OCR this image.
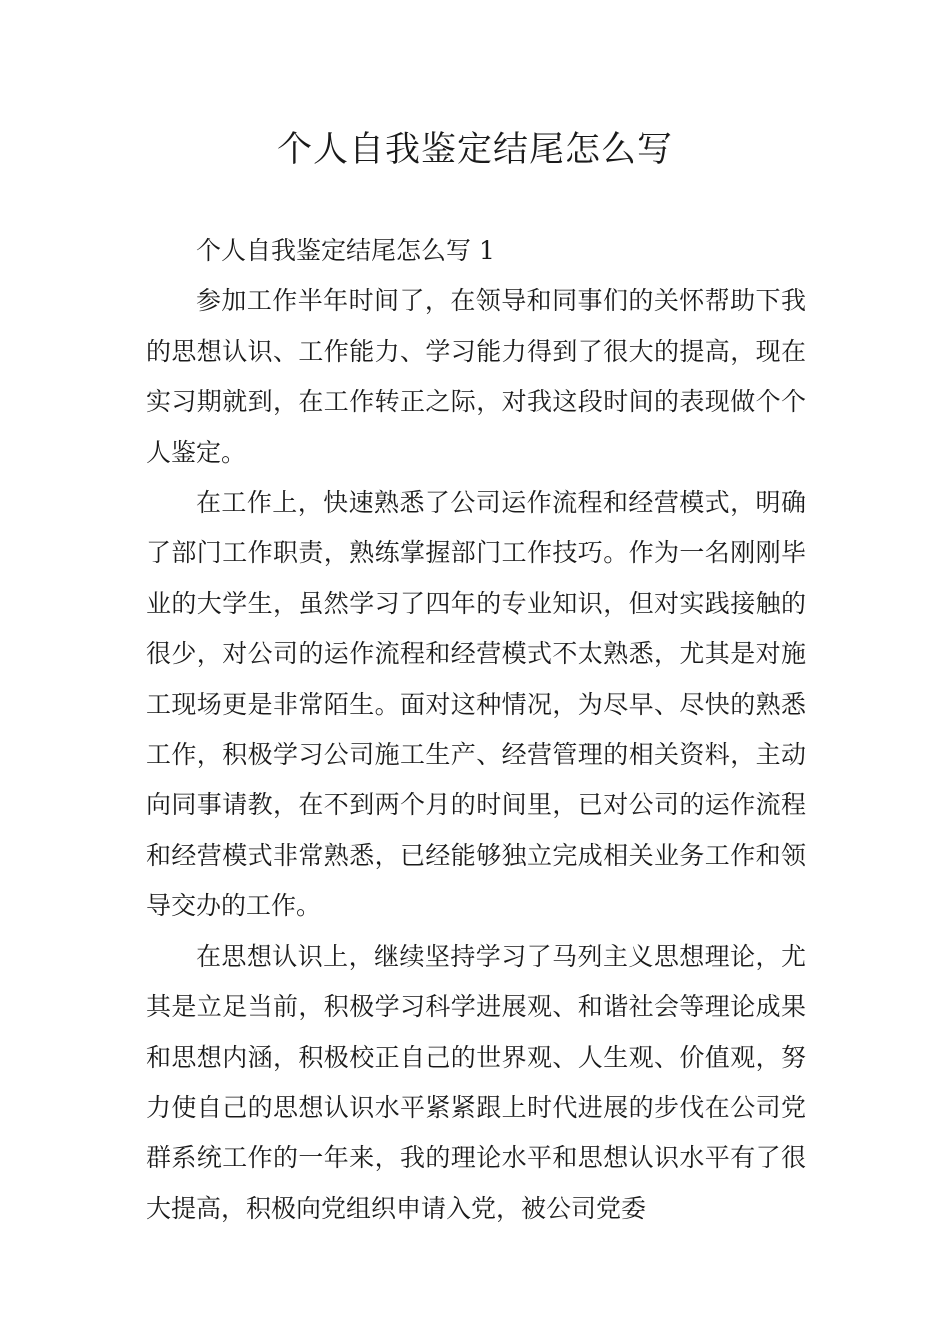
个人自我鉴定结尾怎么写

个人自我鉴定结尾怎么写 1

参加工作半年时间了，在领导和同事们的关怀帮助下我的思想认识、工作能力、学习能力得到了很大的提高，现在实习期就到，在工作转正之际，对我这段时间的表现做个个人鉴定。

在工作上，快速熟悉了公司运作流程和经营模式，明确了部门工作职责，熟练掌握部门工作技巧。作为一名刚刚毕业的大学生，虽然学习了四年的专业知识，但对实践接触的很少，对公司的运作流程和经营模式不太熟悉，尤其是对施工现场更是非常陌生。面对这种情况，为尽早、尽快的熟悉工作，积极学习公司施工生产、经营管理的相关资料，主动向同事请教，在不到两个月的时间里，已对公司的运作流程和经营模式非常熟悉，已经能够独立完成相关业务工作和领导交办的工作。

在思想认识上，继续坚持学习了马列主义思想理论，尤其是立足当前，积极学习科学进展观、和谐社会等理论成果和思想内涵，积极校正自己的世界观、人生观、价值观，努力使自己的思想认识水平紧紧跟上时代进展的步伐在公司党群系统工作的一年来，我的理论水平和思想认识水平有了很大提高，积极向党组织申请入党，被公司党委
